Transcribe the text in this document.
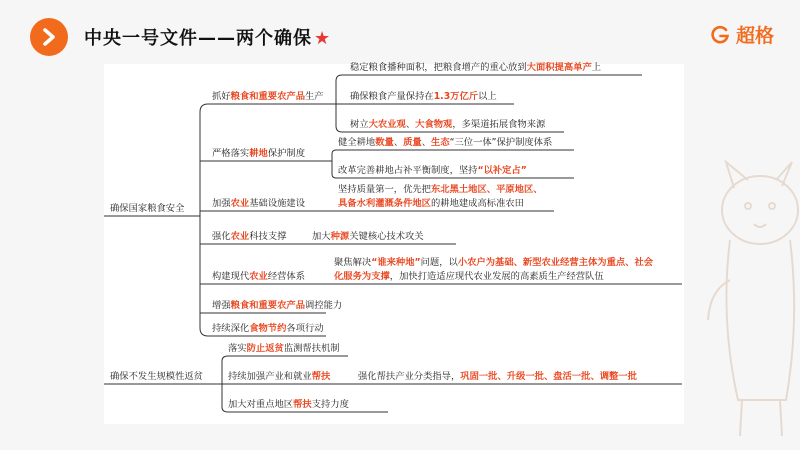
中央一号文件——两个确保 ★	超格
确保国家粮食安全
抓好粮食和重要农产品生产
稳定粮食播种面积，把粮食增产的重心放到大面积提高单产上
确保粮食产量保持在1.3万亿斤以上
树立大农业观、大食物观，多渠道拓展食物来源
严格落实耕地保护制度
健全耕地数量、质量、生态“三位一体”保护制度体系
改革完善耕地占补平衡制度，坚持“以补定占”
加强农业基础设施建设
坚持质量第一，优先把东北黑土地区、平原地区、
具备水利灌溉条件地区的耕地建成高标准农田
强化农业科技支撑	加大种源关键核心技术攻关
构建现代农业经营体系
聚焦解决“谁来种地”问题，以小农户为基础、新型农业经营主体为重点、社会
化服务为支撑，加快打造适应现代农业发展的高素质生产经营队伍
增强粮食和重要农产品调控能力
持续深化食物节约各项行动
确保不发生规模性返贫
落实防止返贫监测帮扶机制
持续加强产业和就业帮扶	强化帮扶产业分类指导，巩固一批、升级一批、盘活一批、调整一批
加大对重点地区帮扶支持力度
